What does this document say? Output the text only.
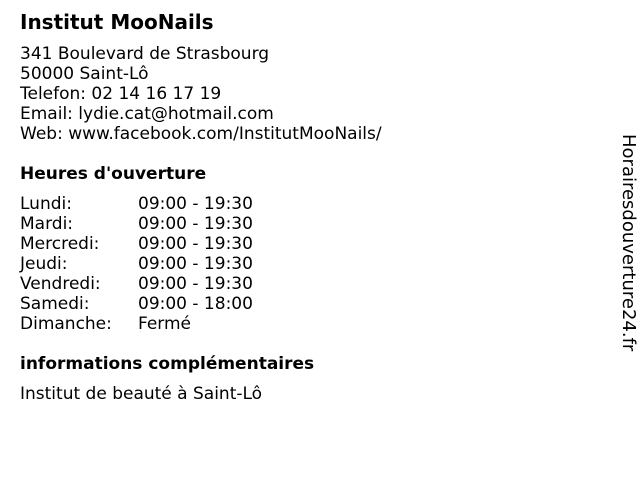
Institut MooNails
341 Boulevard de Strasbourg
50000 Saint-Lô
Telefon: 02 14 16 17 19
Email: lydie.cat@hotmail.com
Web: www.facebook.com/InstitutMooNails/
Heures d'ouverture
Lundi:	09:00 - 19:30
Mardi:	09:00 - 19:30
Mercredi:	09:00 - 19:30
Jeudi:	09:00 - 19:30
Vendredi:	09:00 - 19:30
Samedi:	09:00 - 18:00
Dimanche:	Fermé
informations complémentaires
Institut de beauté à Saint-Lô
Horairesdouverture24.fr
